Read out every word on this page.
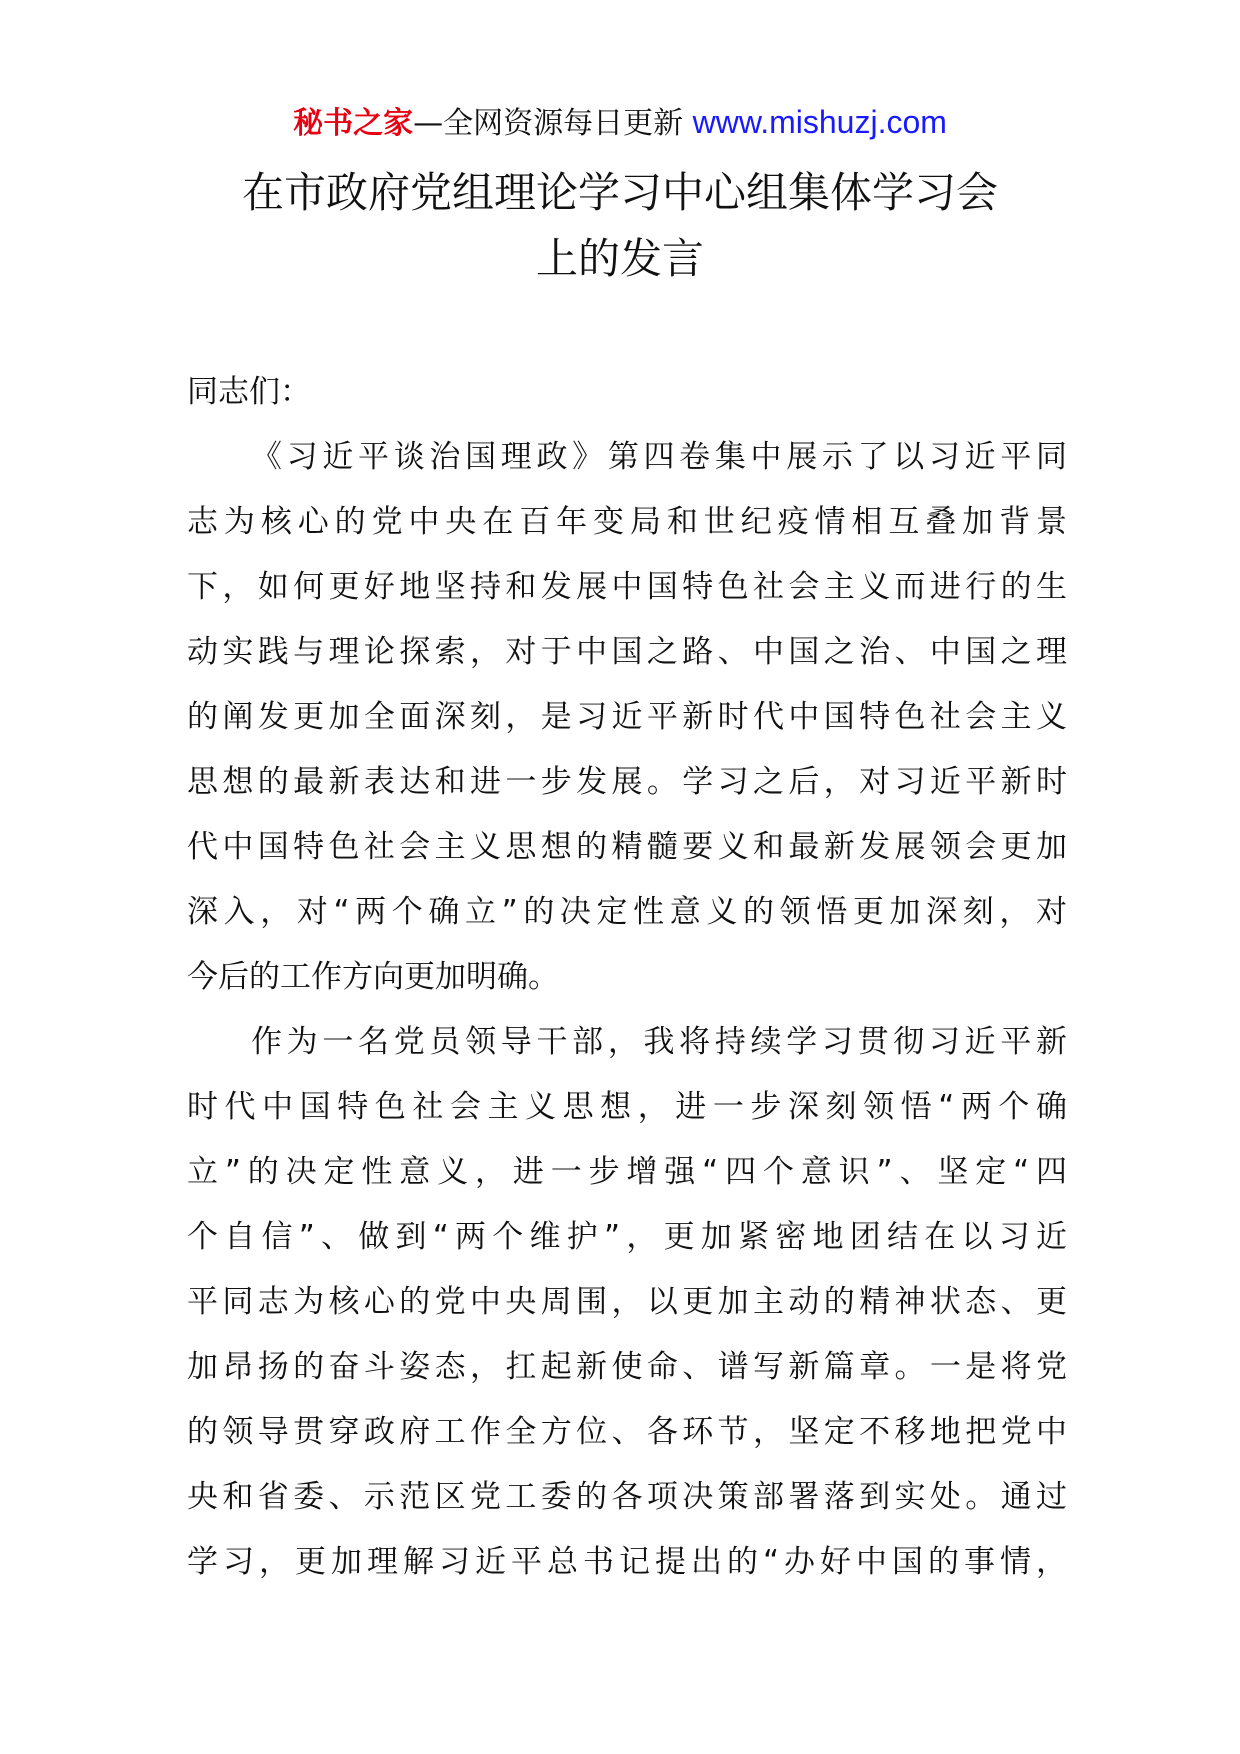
秘书之家—全网资源每日更新 www.mishuzj.com
在市政府党组理论学习中心组集体学习会
上的发言
同志们：
《习近平谈治国理政》第四卷集中展示了以习近平同
志为核心的党中央在百年变局和世纪疫情相互叠加背景
下，如何更好地坚持和发展中国特色社会主义而进行的生
动实践与理论探索，对于中国之路、中国之治、中国之理
的阐发更加全面深刻，是习近平新时代中国特色社会主义
思想的最新表达和进一步发展。学习之后，对习近平新时
代中国特色社会主义思想的精髓要义和最新发展领会更加
深入，对“两个确立”的决定性意义的领悟更加深刻，对
今后的工作方向更加明确。
作为一名党员领导干部，我将持续学习贯彻习近平新
时代中国特色社会主义思想，进一步深刻领悟“两个确
立”的决定性意义，进一步增强“四个意识”、坚定“四
个自信”、做到“两个维护”，更加紧密地团结在以习近
平同志为核心的党中央周围，以更加主动的精神状态、更
加昂扬的奋斗姿态，扛起新使命、谱写新篇章。一是将党
的领导贯穿政府工作全方位、各环节，坚定不移地把党中
央和省委、示范区党工委的各项决策部署落到实处。通过
学习，更加理解习近平总书记提出的“办好中国的事情，
